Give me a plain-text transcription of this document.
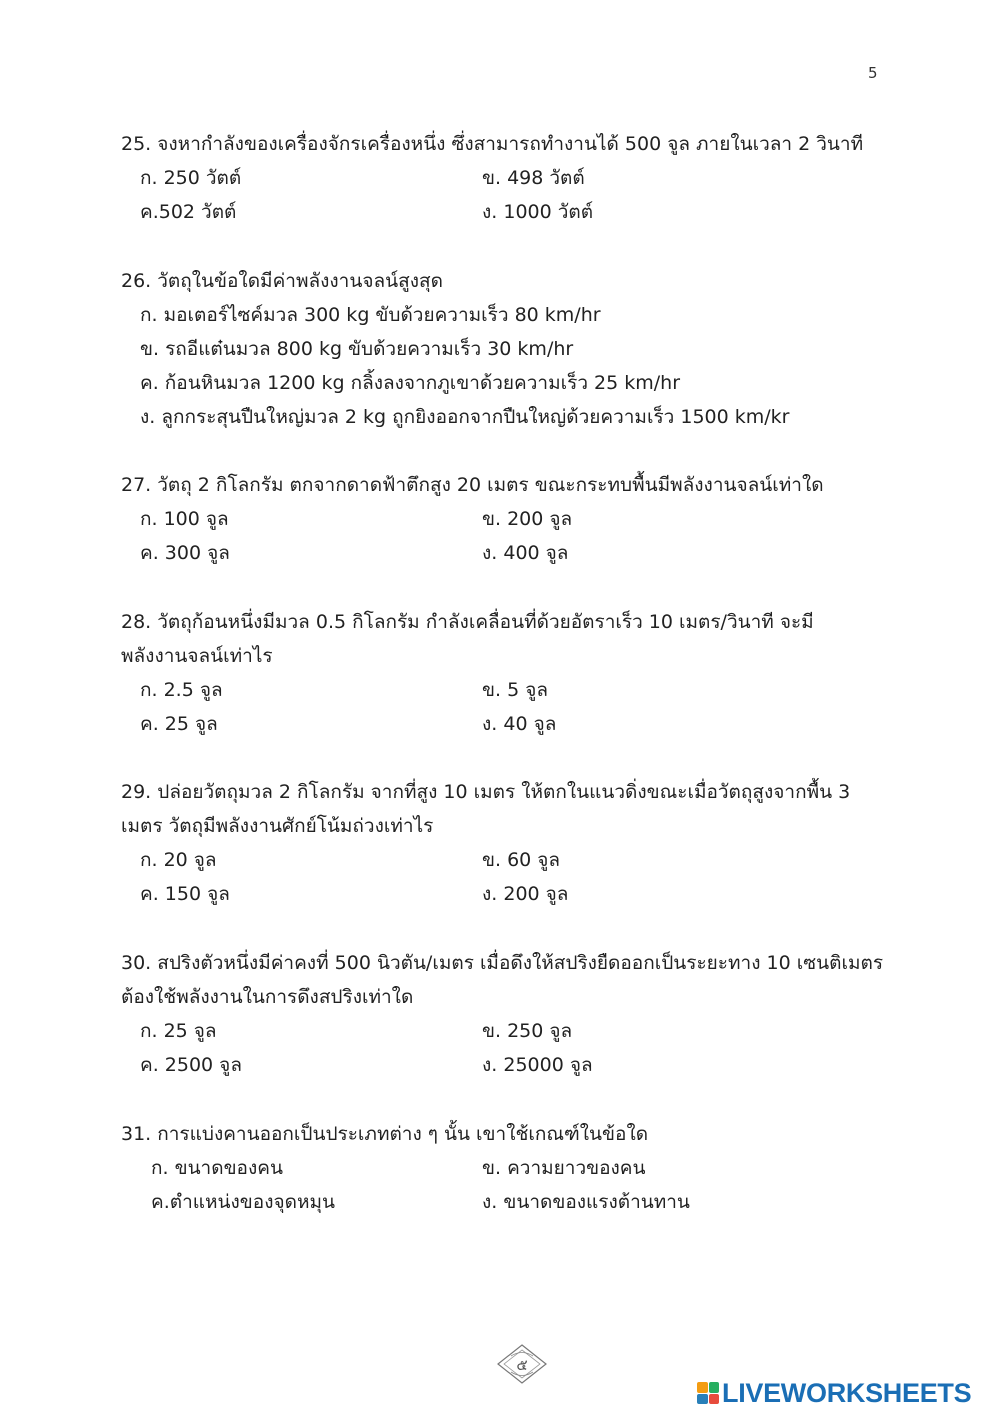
5
25. จงหากำลังของเครื่องจักรเครื่องหนึ่ง ซึ่งสามารถทำงานได้ 500 จูล ภายในเวลา 2 วินาที
ก. 250 วัตต์	ข. 498 วัตต์
ค.502 วัตต์	ง. 1000 วัตต์
26. วัตถุในข้อใดมีค่าพลังงานจลน์สูงสุด
ก. มอเตอร์ไซค์มวล 300 kg ขับด้วยความเร็ว 80 km/hr
ข. รถอีแต๋นมวล 800 kg ขับด้วยความเร็ว 30 km/hr
ค. ก้อนหินมวล 1200 kg กลิ้งลงจากภูเขาด้วยความเร็ว 25 km/hr
ง. ลูกกระสุนปืนใหญ่มวล 2 kg ถูกยิงออกจากปืนใหญ่ด้วยความเร็ว 1500 km/kr
27. วัตถุ 2 กิโลกรัม ตกจากดาดฟ้าตึกสูง 20 เมตร ขณะกระทบพื้นมีพลังงานจลน์เท่าใด
ก. 100 จูล	ข. 200 จูล
ค. 300 จูล	ง. 400 จูล
28. วัตถุก้อนหนึ่งมีมวล 0.5 กิโลกรัม กำลังเคลื่อนที่ด้วยอัตราเร็ว 10 เมตร/วินาที จะมีพลังงานจลน์เท่าไร
ก. 2.5 จูล	ข. 5 จูล
ค. 25 จูล	ง. 40 จูล
29. ปล่อยวัตถุมวล 2 กิโลกรัม จากที่สูง 10 เมตร ให้ตกในแนวดิ่งขณะเมื่อวัตถุสูงจากพื้น 3 เมตร วัตถุมีพลังงานศักย์โน้มถ่วงเท่าไร
ก. 20 จูล	ข. 60 จูล
ค. 150 จูล	ง. 200 จูล
30. สปริงตัวหนึ่งมีค่าคงที่ 500 นิวตัน/เมตร เมื่อดึงให้สปริงยืดออกเป็นระยะทาง 10 เซนติเมตร ต้องใช้พลังงานในการดึงสปริงเท่าใด
ก. 25 จูล	ข. 250 จูล
ค. 2500 จูล	ง. 25000 จูล
31. การแบ่งคานออกเป็นประเภทต่าง ๆ นั้น เขาใช้เกณฑ์ในข้อใด
ก. ขนาดของคน	ข. ความยาวของคน
ค.ตำแหน่งของจุดหมุน	ง. ขนาดของแรงต้านทาน
๕
LIVEWORKSHEETS
